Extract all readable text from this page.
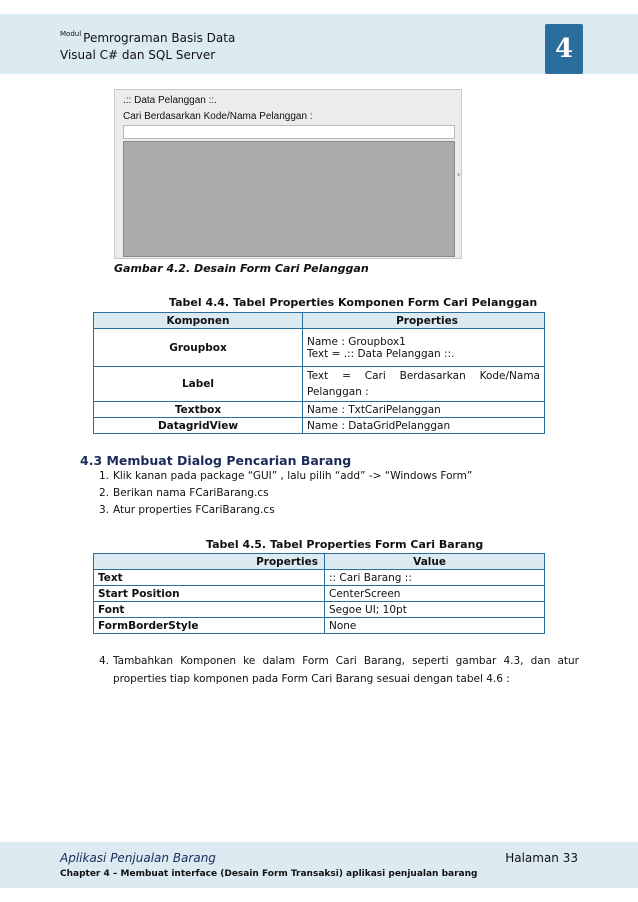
$^{Modul}$ Pemrograman Basis Data
Visual C# dan SQL Server	4
.:: Data Pelanggan ::.
Cari Berdasarkan Kode/Nama Pelanggan :
‹
Gambar 4.2. Desain Form Cari Pelanggan
Tabel 4.4. Tabel Properties Komponen Form Cari Pelanggan
Komponen	Properties
Groupbox	Name : Groupbox1
Text = .:: Data Pelanggan ::.

Label	Text = Cari Berdasarkan Kode/Nama Pelanggan :
Textbox	Name : TxtCariPelanggan
DatagridView	Name : DataGridPelanggan
4.3 Membuat Dialog Pencarian Barang
1. Klik kanan pada package “GUI” , lalu pilih “add” -> “Windows Form”
2. Berikan nama FCariBarang.cs
3. Atur properties FCariBarang.cs
Tabel 4.5. Tabel Properties Form Cari Barang
Properties	Value
Text	:: Cari Barang ::
Start Position	CenterScreen
Font	Segoe UI; 10pt
FormBorderStyle	None
4. Tambahkan Komponen ke dalam Form Cari Barang, seperti gambar 4.3, dan atur properties tiap komponen pada Form Cari Barang sesuai dengan tabel 4.6 :
Aplikasi Penjualan Barang	Halaman 33
Chapter 4 – Membuat interface (Desain Form Transaksi) aplikasi penjualan barang
